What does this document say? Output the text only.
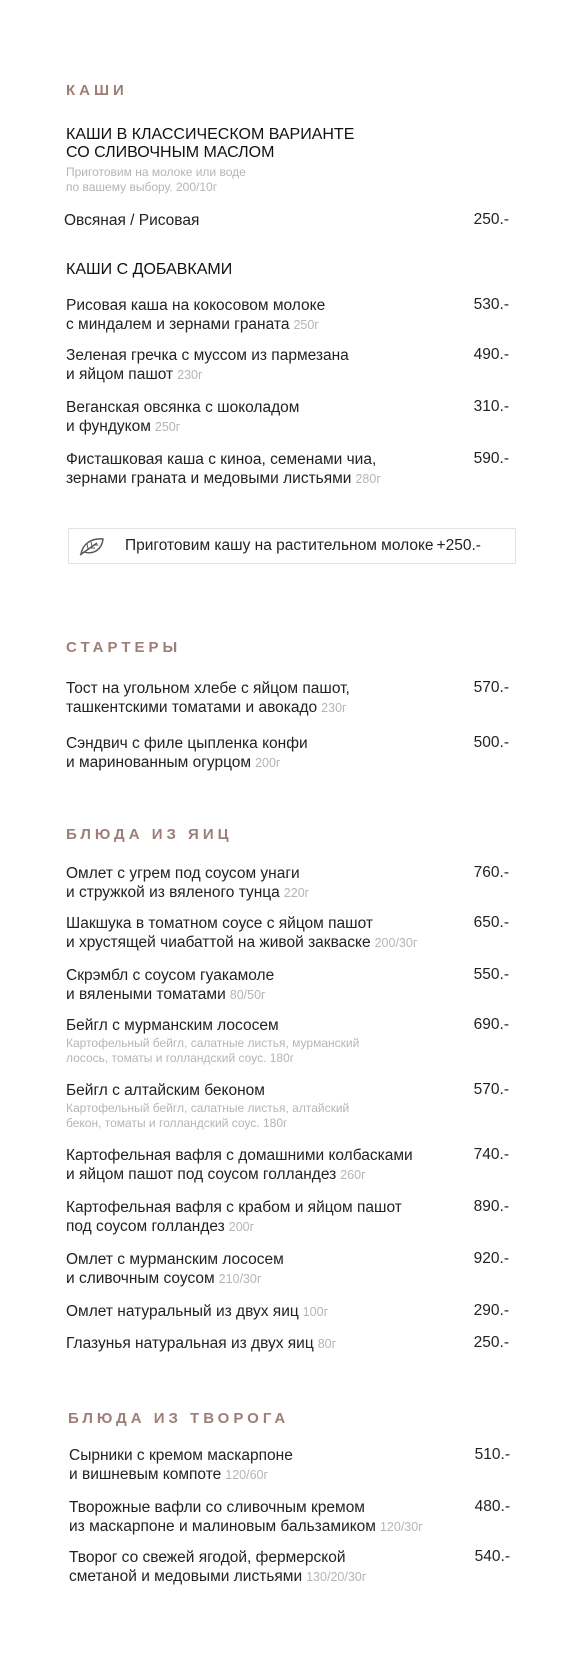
КАШИ
КАШИ В КЛАССИЧЕСКОМ ВАРИАНТЕ
СО СЛИВОЧНЫМ МАСЛОМ
Приготовим на молоке или воде
по вашему выбору. 200/10г
Овсяная / Рисовая	250.-
КАШИ С ДОБАВКАМИ
Рисовая каша на кокосовом молоке
с миндалем и зернами граната 250г
530.-
Зеленая гречка с муссом из пармезана
и яйцом пашот 230г
490.-
Веганская овсянка с шоколадом
и фундуком 250г
310.-
Фисташковая каша с киноа, семенами чиа,
зернами граната и медовыми листьями 280г
590.-
Приготовим кашу на растительном молоке +250.-
СТАРТЕРЫ
Тост на угольном хлебе с яйцом пашот,
ташкентскими томатами и авокадо 230г
570.-
Сэндвич с филе цыпленка конфи
и маринованным огурцом 200г
500.-
БЛЮДА ИЗ ЯИЦ
Омлет с угрем под соусом унаги
и стружкой из вяленого тунца 220г
760.-
Шакшука в томатном соусе с яйцом пашот
и хрустящей чиабаттой на живой закваске 200/30г
650.-
Скрэмбл с соусом гуакамоле
и вялеными томатами 80/50г
550.-
Бейгл с мурманским лососем
Картофельный бейгл, салатные листья, мурманский
лосось, томаты и голландский соус. 180г
690.-
Бейгл с алтайским беконом
Картофельный бейгл, салатные листья, алтайский
бекон, томаты и голландский соус. 180г
570.-
Картофельная вафля с домашними колбасками
и яйцом пашот под соусом голландез 260г
740.-
Картофельная вафля с крабом и яйцом пашот
под соусом голландез 200г
890.-
Омлет с мурманским лососем
и сливочным соусом 210/30г
920.-
Омлет натуральный из двух яиц 100г	290.-
Глазунья натуральная из двух яиц 80г	250.-
БЛЮДА ИЗ ТВОРОГА
Сырники с кремом маскарпоне
и вишневым компоте 120/60г
510.-
Творожные вафли со сливочным кремом
из маскарпоне и малиновым бальзамиком 120/30г
480.-
Творог со свежей ягодой, фермерской
сметаной и медовыми листьями 130/20/30г
540.-
